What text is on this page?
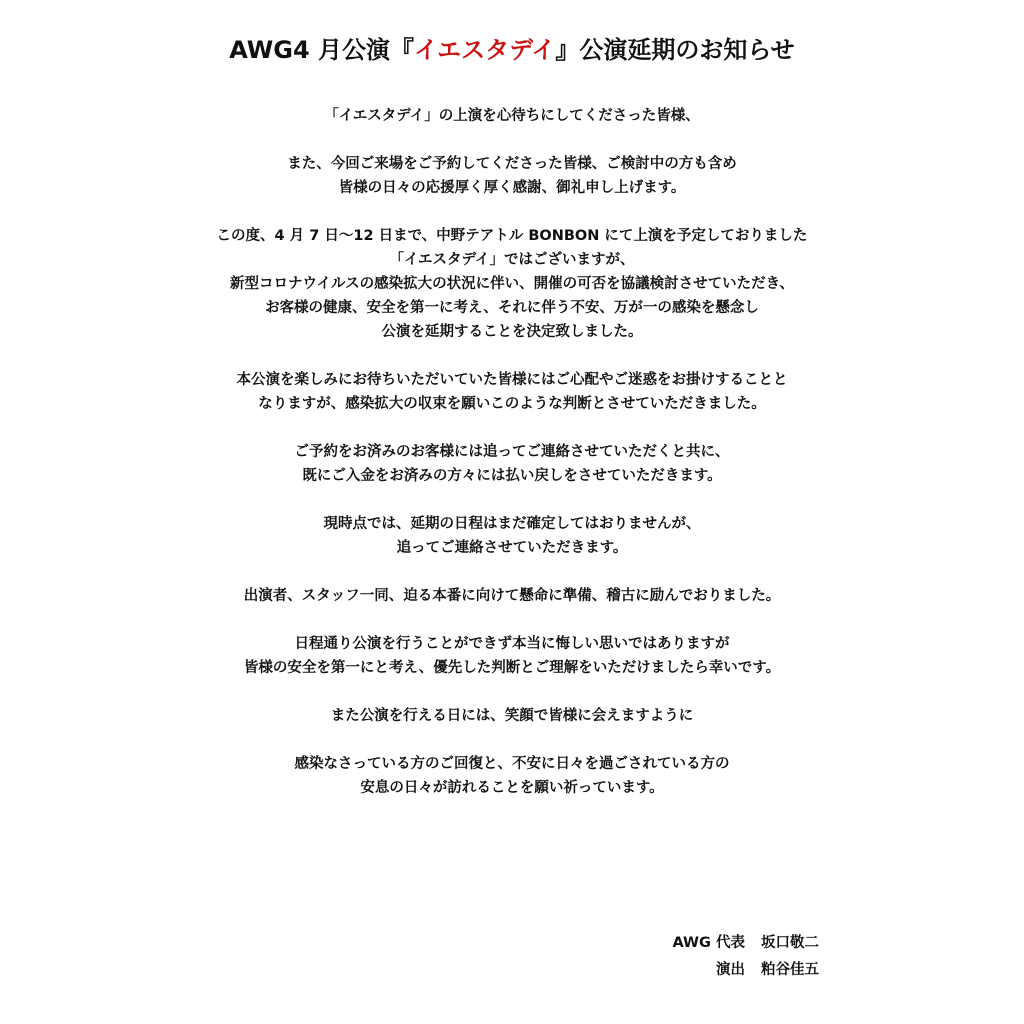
AWG4 月公演『イエスタデイ』公演延期のお知らせ
「イエスタデイ」の上演を心待ちにしてくださった皆様、
また、今回ご来場をご予約してくださった皆様、ご検討中の方も含め
皆様の日々の応援厚く厚く感謝、御礼申し上げます。
この度、4 月 7 日～12 日まで、中野テアトル BONBON にて上演を予定しておりました
「イエスタデイ」ではございますが、
新型コロナウイルスの感染拡大の状況に伴い、開催の可否を協議検討させていただき、
お客様の健康、安全を第一に考え、それに伴う不安、万が一の感染を懸念し
公演を延期することを決定致しました。
本公演を楽しみにお待ちいただいていた皆様にはご心配やご迷惑をお掛けすることと
なりますが、感染拡大の収束を願いこのような判断とさせていただきました。
ご予約をお済みのお客様には追ってご連絡させていただくと共に、
既にご入金をお済みの方々には払い戻しをさせていただきます。
現時点では、延期の日程はまだ確定してはおりませんが、
追ってご連絡させていただきます。
出演者、スタッフ一同、迫る本番に向けて懸命に準備、稽古に励んでおりました。
日程通り公演を行うことができず本当に悔しい思いではありますが
皆様の安全を第一にと考え、優先した判断とご理解をいただけましたら幸いです。
また公演を行える日には、笑顔で皆様に会えますように
感染なさっている方のご回復と、不安に日々を過ごされている方の
安息の日々が訪れることを願い祈っています。
AWG 代表 坂口敬二
演出 粕谷佳五
